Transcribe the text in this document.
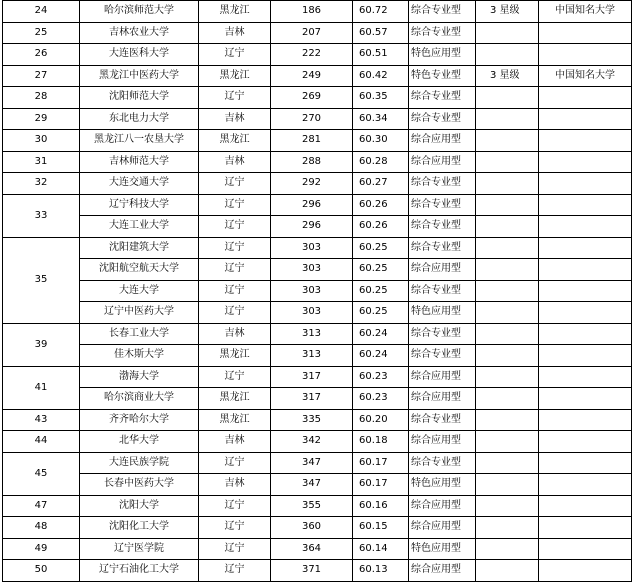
24	哈尔滨师范大学	黑龙江	186	60.72	综合专业型	3 星级	中国知名大学
25	吉林农业大学	吉林	207	60.57	综合专业型		
26	大连医科大学	辽宁	222	60.51	特色应用型		
27	黑龙江中医药大学	黑龙江	249	60.42	特色专业型	3 星级	中国知名大学
28	沈阳师范大学	辽宁	269	60.35	综合专业型		
29	东北电力大学	吉林	270	60.34	综合专业型		
30	黑龙江八一农垦大学	黑龙江	281	60.30	综合应用型		
31	吉林师范大学	吉林	288	60.28	综合应用型		
32	大连交通大学	辽宁	292	60.27	综合专业型		
33	辽宁科技大学	辽宁	296	60.26	综合专业型		
	大连工业大学	辽宁	296	60.26	综合专业型		
35	沈阳建筑大学	辽宁	303	60.25	综合专业型		
	沈阳航空航天大学	辽宁	303	60.25	综合应用型		
	大连大学	辽宁	303	60.25	综合专业型		
	辽宁中医药大学	辽宁	303	60.25	特色应用型		
39	长春工业大学	吉林	313	60.24	综合专业型		
	佳木斯大学	黑龙江	313	60.24	综合专业型		
41	渤海大学	辽宁	317	60.23	综合应用型		
	哈尔滨商业大学	黑龙江	317	60.23	综合应用型		
43	齐齐哈尔大学	黑龙江	335	60.20	综合专业型		
44	北华大学	吉林	342	60.18	综合应用型		
45	大连民族学院	辽宁	347	60.17	综合专业型		
	长春中医药大学	吉林	347	60.17	特色应用型		
47	沈阳大学	辽宁	355	60.16	综合应用型		
48	沈阳化工大学	辽宁	360	60.15	综合应用型		
49	辽宁医学院	辽宁	364	60.14	特色应用型		
50	辽宁石油化工大学	辽宁	371	60.13	综合应用型		
